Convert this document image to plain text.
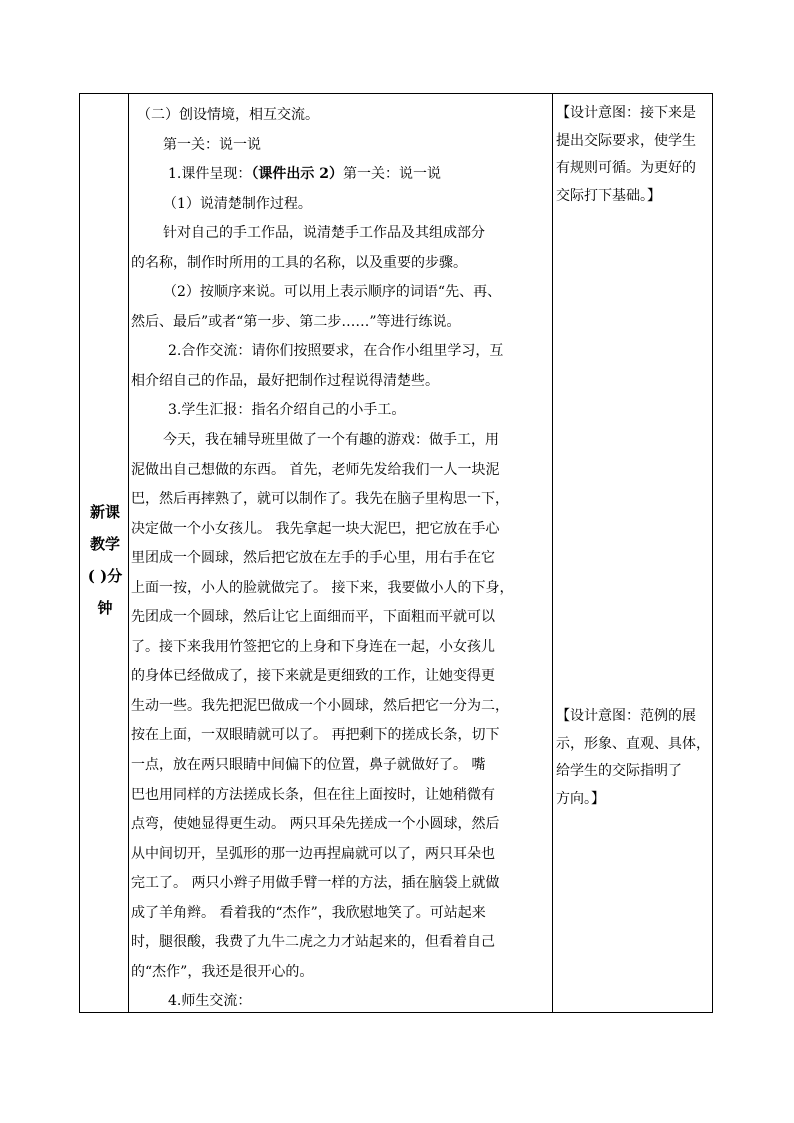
新课
教学
( )分
钟

（二）创设情境，相互交流。

第一关：说一说

1.课件呈现：（课件出示 2）第一关：说一说

（1）说清楚制作过程。

针对自己的手工作品，说清楚手工作品及其组成部分

的名称，制作时所用的工具的名称，以及重要的步骤。

（2）按顺序来说。可以用上表示顺序的词语“先、再、

然后、最后”或者“第一步、第二步……”等进行练说。

2.合作交流：请你们按照要求，在合作小组里学习，互

相介绍自己的作品，最好把制作过程说得清楚些。

3.学生汇报：指名介绍自己的小手工。

今天，我在辅导班里做了一个有趣的游戏：做手工，用

泥做出自己想做的东西。 首先，老师先发给我们一人一块泥

巴，然后再摔熟了，就可以制作了。我先在脑子里构思一下，

决定做一个小女孩儿。 我先拿起一块大泥巴，把它放在手心

里团成一个圆球，然后把它放在左手的手心里，用右手在它

上面一按，小人的脸就做完了。 接下来，我要做小人的下身，

先团成一个圆球，然后让它上面细而平，下面粗而平就可以

了。接下来我用竹签把它的上身和下身连在一起，小女孩儿

的身体已经做成了，接下来就是更细致的工作，让她变得更

生动一些。我先把泥巴做成一个小圆球，然后把它一分为二，

按在上面，一双眼睛就可以了。 再把剩下的搓成长条，切下

一点，放在两只眼睛中间偏下的位置，鼻子就做好了。 嘴

巴也用同样的方法搓成长条，但在往上面按时，让她稍微有

点弯，使她显得更生动。 两只耳朵先搓成一个小圆球，然后

从中间切开，呈弧形的那一边再捏扁就可以了，两只耳朵也

完工了。 两只小辫子用做手臂一样的方法，插在脑袋上就做

成了羊角辫。 看着我的“杰作”，我欣慰地笑了。可站起来

时，腿很酸，我费了九牛二虎之力才站起来的，但看着自己

的“杰作”，我还是很开心的。

4.师生交流：

【设计意图：接下来是

提出交际要求，使学生

有规则可循。为更好的

交际打下基础。】

【设计意图：范例的展

示，形象、直观、具体，

给学生的交际指明了

方向。】
